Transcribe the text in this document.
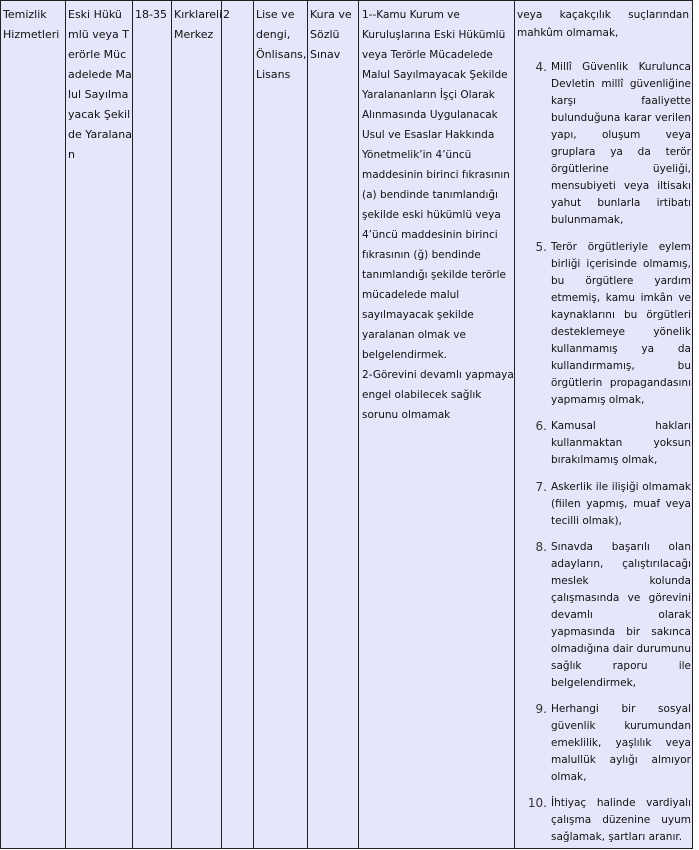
Temizlik Hizmetleri

Eski Hükümlü veya Terörle Mücadelede Malul Sayılmayacak Şekilde Yaralanan

18-35 Kırklareli Merkez

2	Lise ve dengi, Önlisans, Lisans

Kura ve Sözlü Sınav

1--Kamu Kurum ve Kuruluşlarına Eski Hükümlü veya Terörle Mücadelede Malul Sayılmayacak Şekilde Yaralananların İşçi Olarak Alınmasında Uygulanacak Usul ve Esaslar Hakkında Yönetmelik’in 4’üncü maddesinin birinci fıkrasının (a) bendinde tanımlandığı şekilde eski hükümlü veya 4’üncü maddesinin birinci fıkrasının (ğ) bendinde tanımlandığı şekilde terörle mücadelede malul sayılmayacak şekilde yaralanan olmak ve belgelendirmek.

2-Görevini devamlı yapmaya engel olabilecek sağlık sorunu olmamak

veya kaçakçılık suçlarından mahkûm olmamak,
4. Millî Güvenlik Kuruluncа Devletin millî güvenliğine karşı faaliyette bulunduğuna karar verilen yapı, oluşum veya gruplara ya da terör örgütlerine üyeliği, mensubiyeti veya iltisakı yahut bunlarla irtibatı bulunmamak,
5. Terör örgütleriyle eylem birliği içerisinde olmamış, bu örgütlere yardım etmemiş, kamu imkân ve kaynaklarını bu örgütleri desteklemeye yönelik kullanmamış ya da kullandırmamış, bu örgütlerin propagandasını yapmamış olmak,
6. Kamusal hakları kullanmaktan yoksun bırakılmamış olmak,
7. Askerlik ile ilişiği olmamak (fiilen yapmış, muaf veya tecilli olmak),
8. Sınavda başarılı olan adayların, çalıştırılacağı meslek kolunda çalışmasında ve görevini devamlı olarak yapmasında bir sakınca olmadığına dair durumunu sağlık raporu ile belgelendirmek,
9. Herhangi bir sosyal güvenlik kurumundan emeklilik, yaşlılık veya malullük aylığı almıyor olmak,
10. İhtiyaç halinde vardiyalı çalışma düzenine uyum sağlamak, şartları aranır.
